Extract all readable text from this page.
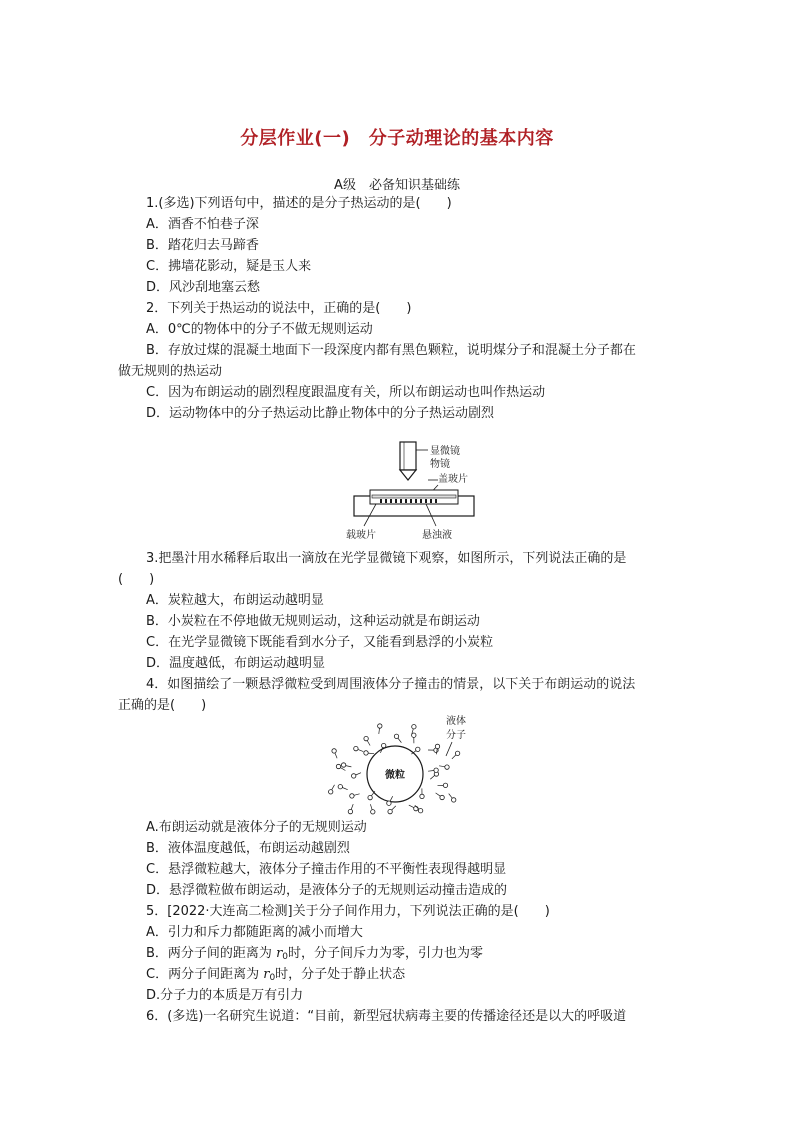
分层作业(一)　分子动理论的基本内容
A级　必备知识基础练
1.(多选)下列语句中，描述的是分子热运动的是(　　)
A．酒香不怕巷子深
B．踏花归去马蹄香
C．拂墙花影动，疑是玉人来
D．风沙刮地塞云愁
2．下列关于热运动的说法中，正确的是(　　)
A．0℃的物体中的分子不做无规则运动
B．存放过煤的混凝土地面下一段深度内都有黑色颗粒，说明煤分子和混凝土分子都在
做无规则的热运动
C．因为布朗运动的剧烈程度跟温度有关，所以布朗运动也叫作热运动
D．运动物体中的分子热运动比静止物体中的分子热运动剧烈
显微镜
物镜
盖玻片
载玻片	悬浊液
3.把墨汁用水稀释后取出一滴放在光学显微镜下观察，如图所示，下列说法正确的是
(　　)
A．炭粒越大，布朗运动越明显
B．小炭粒在不停地做无规则运动，这种运动就是布朗运动
C．在光学显微镜下既能看到水分子，又能看到悬浮的小炭粒
D．温度越低，布朗运动越明显
4．如图描绘了一颗悬浮微粒受到周围液体分子撞击的情景，以下关于布朗运动的说法
正确的是(　　)
微粒
液体
分子
A.布朗运动就是液体分子的无规则运动
B．液体温度越低，布朗运动越剧烈
C．悬浮微粒越大，液体分子撞击作用的不平衡性表现得越明显
D．悬浮微粒做布朗运动，是液体分子的无规则运动撞击造成的
5．[2022·大连高二检测]关于分子间作用力，下列说法正确的是(　　)
A．引力和斥力都随距离的减小而增大
B．两分子间的距离为 $r_0$时，分子间斥力为零，引力也为零
C．两分子间距离为 $r_0$时，分子处于静止状态
D.分子力的本质是万有引力
6．(多选)一名研究生说道：“目前，新型冠状病毒主要的传播途径还是以大的呼吸道
